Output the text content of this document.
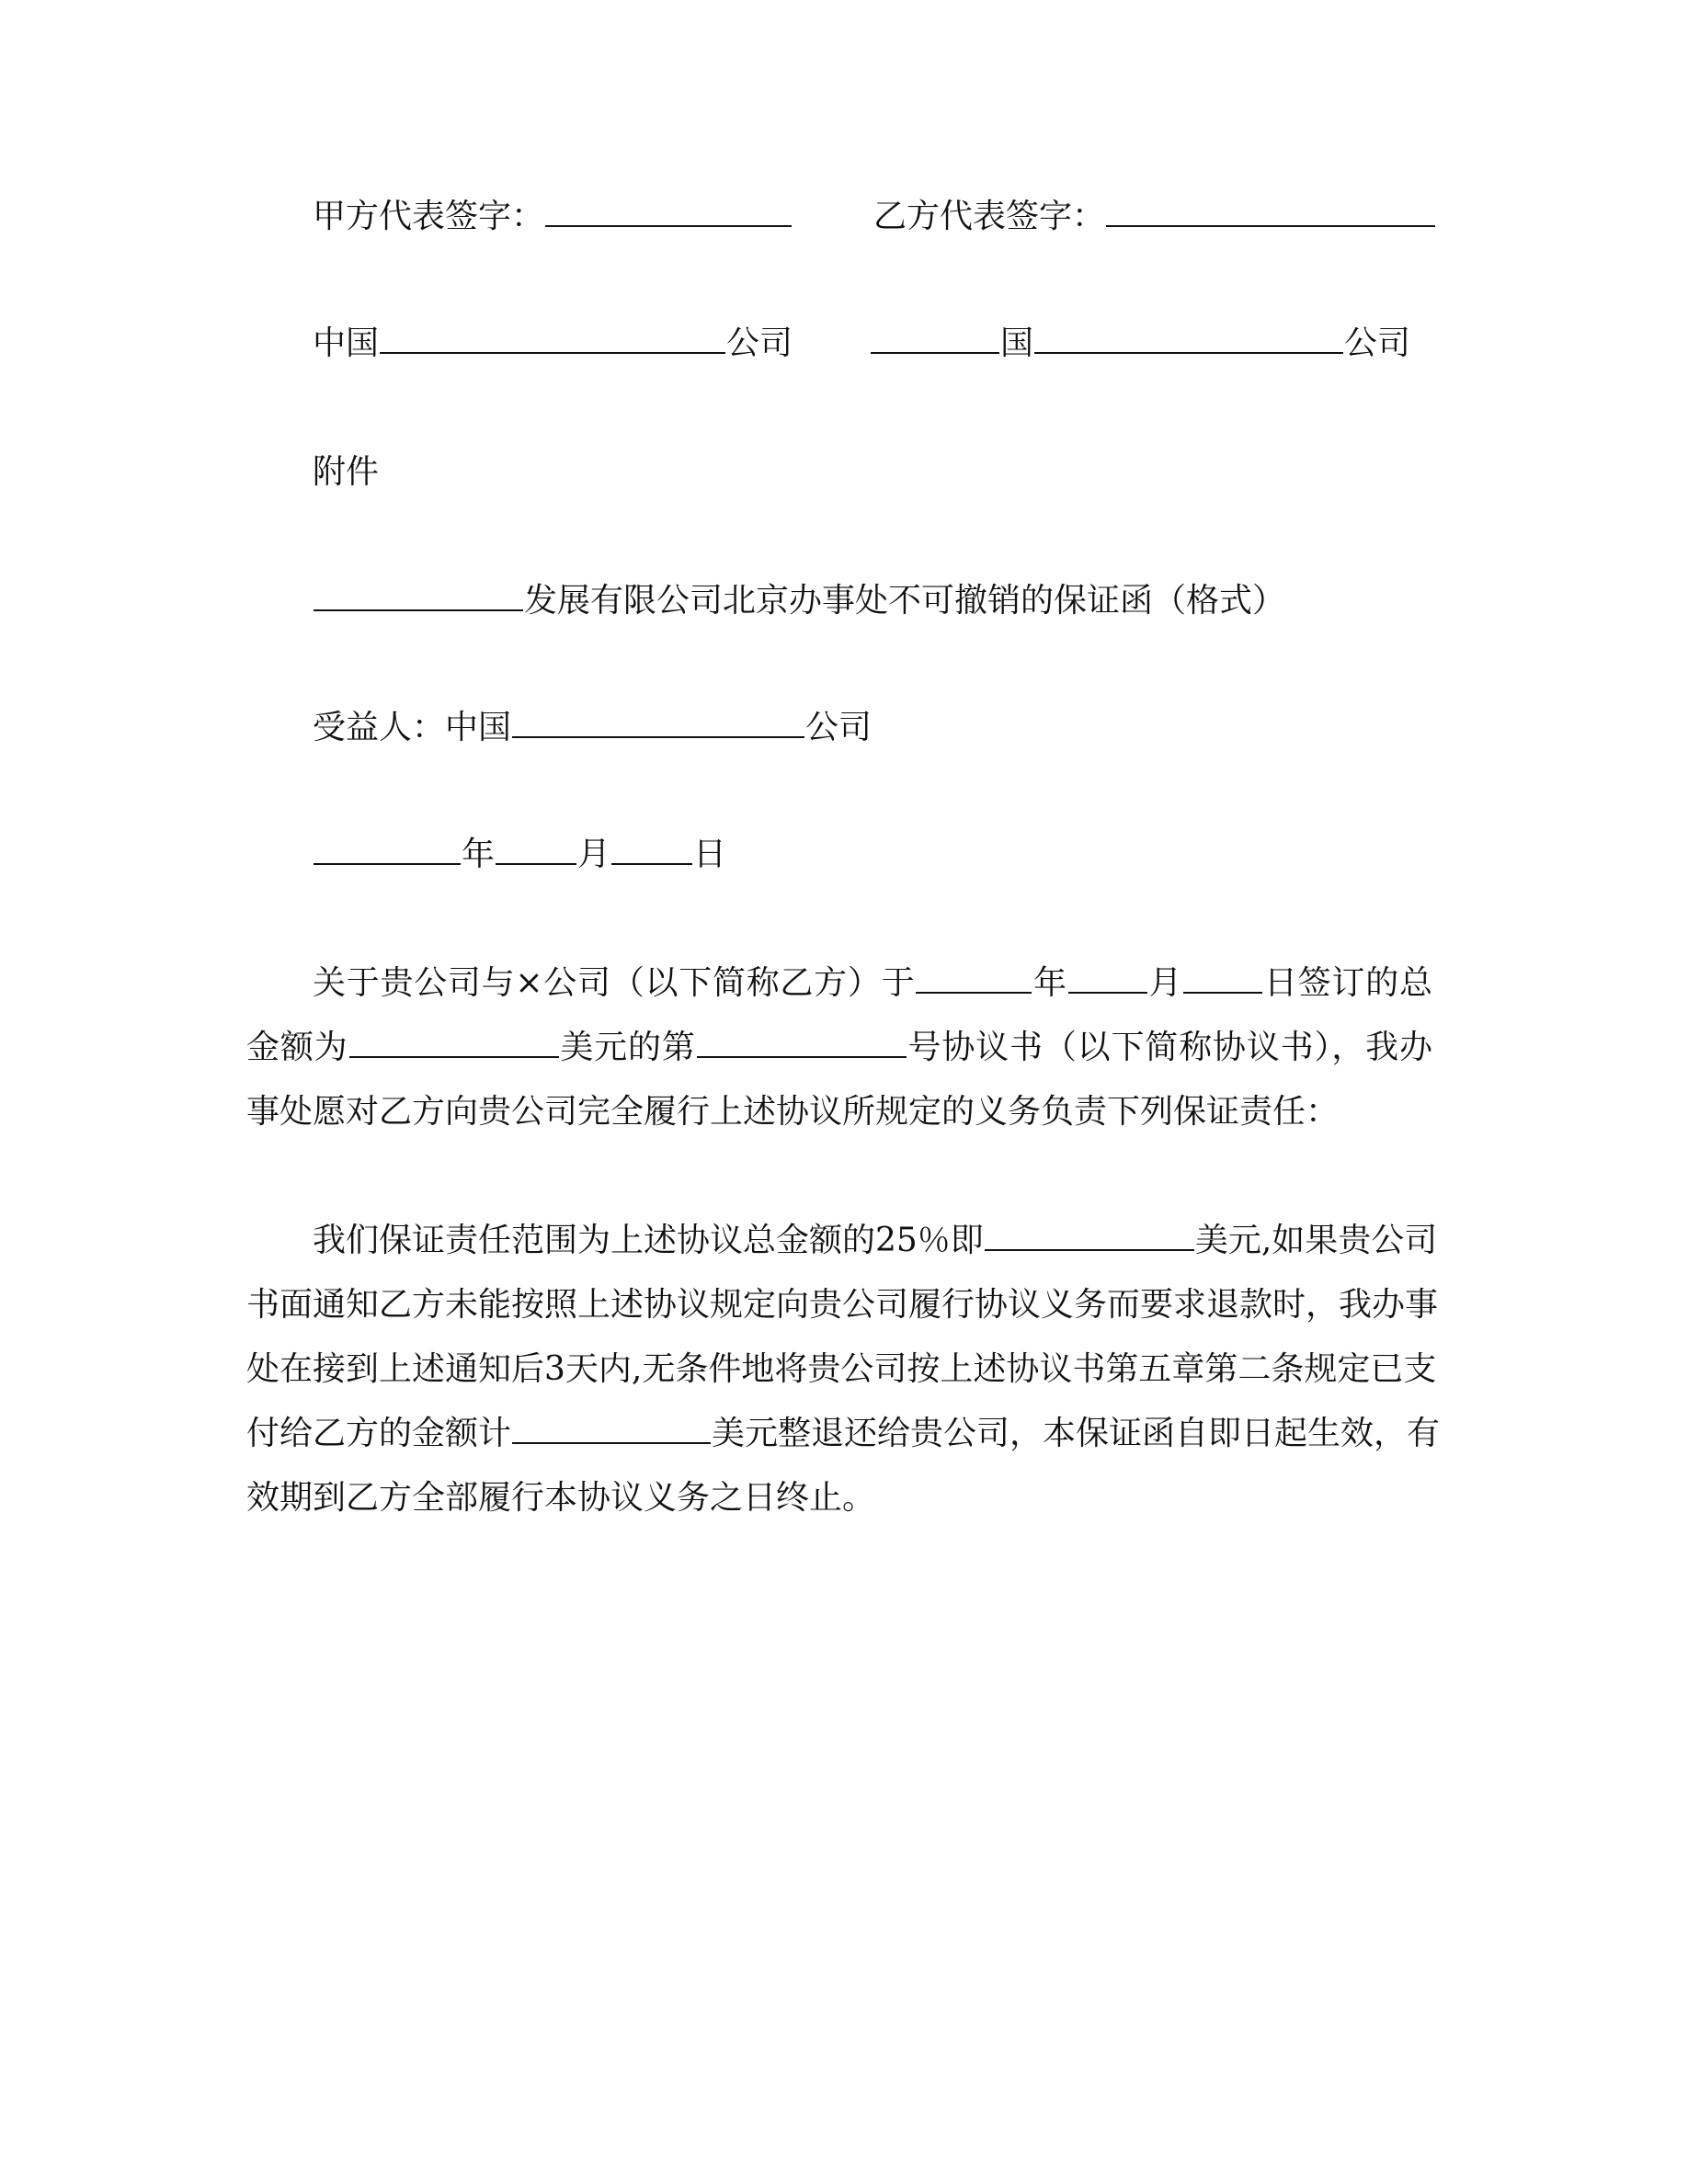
甲方代表签字：	乙方代表签字：
中国	公司	国	公司
附件
发展有限公司北京办事处不可撤销的保证函（格式）
受益人：中国	公司
年	月	日
关于贵公司与×公司（以下简称乙方）于	年 月 日签订的总
金额为	美元的第	号协议书（以下简称协议书），我办
事处愿对乙方向贵公司完全履行上述协议所规定的义务负责下列保证责任：
我们保证责任范围为上述协议总金额的25％即	美元,如果贵公司
书面通知乙方未能按照上述协议规定向贵公司履行协议义务而要求退款时，我办事
处在接到上述通知后3天内,无条件地将贵公司按上述协议书第五章第二条规定已支
付给乙方的金额计	美元整退还给贵公司，本保证函自即日起生效，有
效期到乙方全部履行本协议义务之日终止。
